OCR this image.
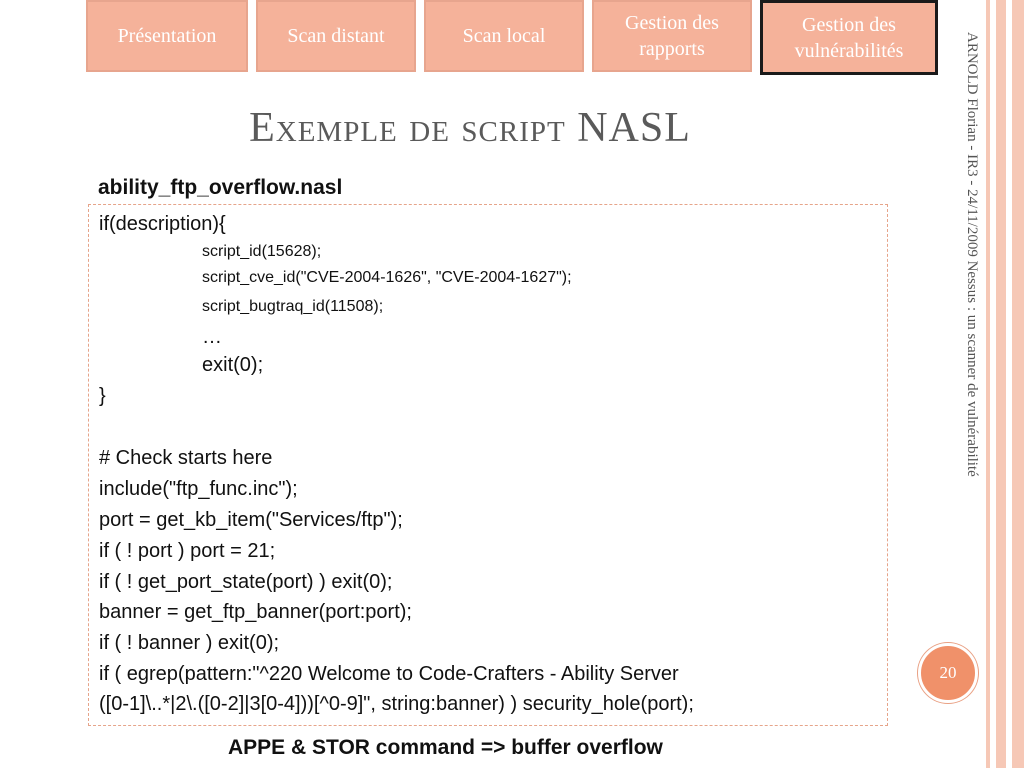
Présentation	Scan distant	Scan local
Gestion des rapports
Gestion des vulnérabilités
Exemple de script NASL
ability_ftp_overflow.nasl
if(description){
script_id(15628);
script_cve_id("CVE-2004-1626", "CVE-2004-1627");
script_bugtraq_id(11508);
…
exit(0);
}
# Check starts here
include("ftp_func.inc");
port = get_kb_item("Services/ftp");
if ( ! port ) port = 21;
if ( ! get_port_state(port) ) exit(0);
banner = get_ftp_banner(port:port);
if ( ! banner ) exit(0);
if ( egrep(pattern:"^220 Welcome to Code-Crafters - Ability Server
([0-1]\..*|2\.([0-2]|3[0-4]))[^0-9]", string:banner) ) security_hole(port);
APPE & STOR command => buffer overflow
ARNOLD Florian - IR3 - 24/11/2009 Nessus : un scanner de vulnérabilité
20
